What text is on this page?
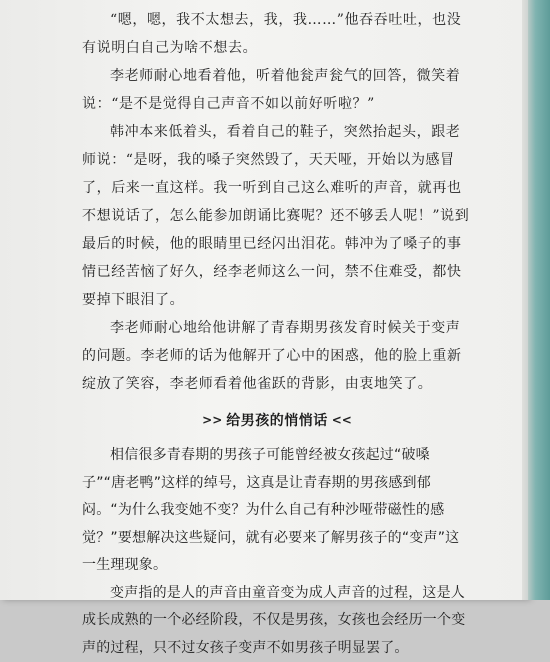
“嗯，嗯，我不太想去，我，我……”他吞吞吐吐，也没有说明白自己为啥不想去。

李老师耐心地看着他，听着他瓮声瓮气的回答，微笑着说：“是不是觉得自己声音不如以前好听啦？”

韩冲本来低着头，看着自己的鞋子，突然抬起头，跟老师说：“是呀，我的嗓子突然毁了，天天哑，开始以为感冒了，后来一直这样。我一听到自己这么难听的声音，就再也不想说话了，怎么能参加朗诵比赛呢？还不够丢人呢！”说到最后的时候，他的眼睛里已经闪出泪花。韩冲为了嗓子的事情已经苦恼了好久，经李老师这么一问，禁不住难受，都快要掉下眼泪了。

李老师耐心地给他讲解了青春期男孩发育时候关于变声的问题。李老师的话为他解开了心中的困惑，他的脸上重新绽放了笑容，李老师看着他雀跃的背影，由衷地笑了。

>> 给男孩的悄悄话 <<

相信很多青春期的男孩子可能曾经被女孩起过“破嗓子”“唐老鸭”这样的绰号，这真是让青春期的男孩感到郁闷。“为什么我变她不变？为什么自己有种沙哑带磁性的感觉？”要想解决这些疑问，就有必要来了解男孩子的“变声”这一生理现象。

变声指的是人的声音由童音变为成人声音的过程，这是人成长成熟的一个必经阶段，不仅是男孩，女孩也会经历一个变声的过程，只不过女孩子变声不如男孩子明显罢了。
